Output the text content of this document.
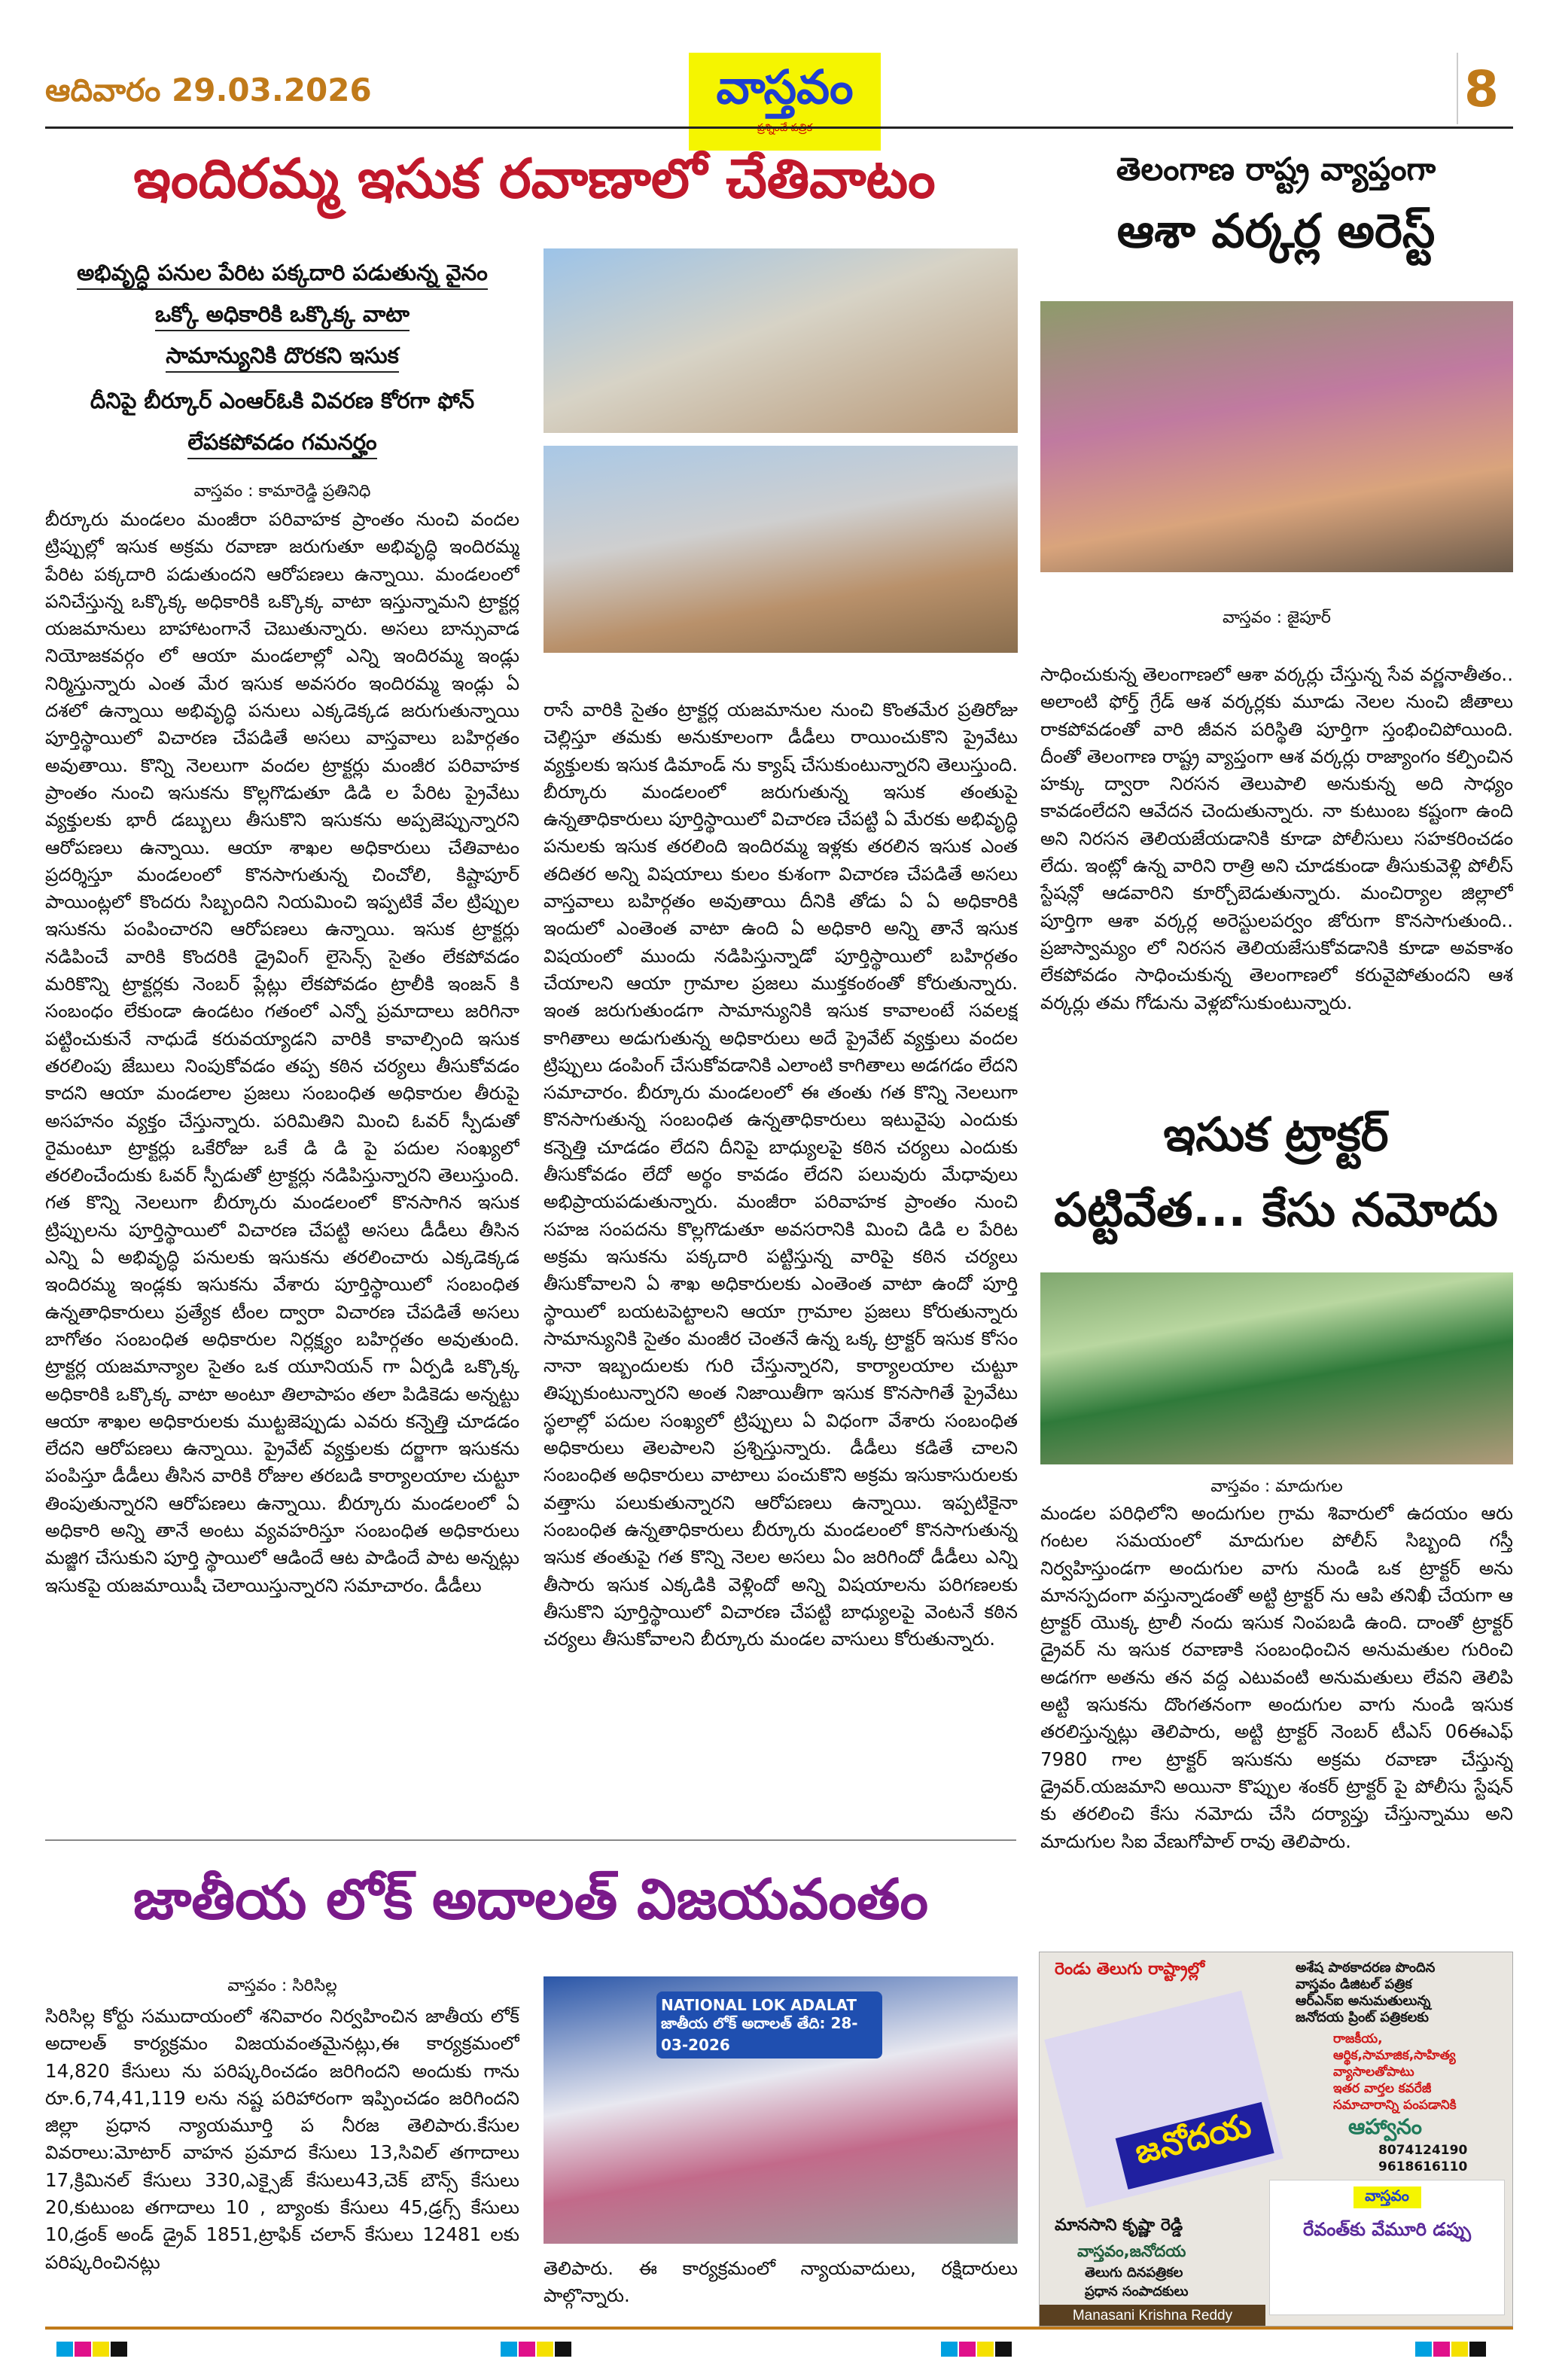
ఆదివారం 29.03.2026	వాస్తవం	8
ఇందిరమ్మ ఇసుక రవాణాలో చేతివాటం
అభివృద్ధి పనుల పేరిట పక్కదారి పడుతున్న వైనం
ఒక్కో అధికారికి ఒక్కొక్క వాటా
సామాన్యునికి దొరకని ఇసుక
దీనిపై బీర్కూర్ ఎంఆర్ఓకి వివరణ కోరగా ఫోన్
లేపకపోవడం గమనర్హం
వాస్తవం : కామారెడ్డి ప్రతినిధి
బీర్కూరు మండలం మంజీరా పరివాహక ప్రాంతం నుంచి వందల ట్రిప్పుల్లో ఇసుక అక్రమ రవాణా జరుగుతూ అభివృద్ధి ఇందిరమ్మ పేరిట పక్కదారి పడుతుందని ఆరోపణలు ఉన్నాయి. మండలంలో పనిచేస్తున్న ఒక్కొక్క అధికారికి ఒక్కొక్క వాటా ఇస్తున్నామని ట్రాక్టర్ల యజమానులు బాహాటంగానే చెబుతున్నారు. అసలు బాన్సువాడ నియోజకవర్గం లో ఆయా మండలాల్లో ఎన్ని ఇందిరమ్మ ఇండ్లు నిర్మిస్తున్నారు ఎంత మేర ఇసుక అవసరం ఇందిరమ్మ ఇండ్లు ఏ దశలో ఉన్నాయి అభివృద్ధి పనులు ఎక్కడెక్కడ జరుగుతున్నాయి పూర్తిస్థాయిలో విచారణ చేపడితే అసలు వాస్తవాలు బహిర్గతం అవుతాయి. కొన్ని నెలలుగా వందల ట్రాక్టర్లు మంజీర పరివాహక ప్రాంతం నుంచి ఇసుకను కొల్లగొడుతూ డిడి ల పేరిట ప్రైవేటు వ్యక్తులకు భారీ డబ్బులు తీసుకొని ఇసుకను అప్పజెప్పున్నారని ఆరోపణలు ఉన్నాయి. ఆయా శాఖల అధికారులు చేతివాటం ప్రదర్శిస్తూ మండలంలో కొనసాగుతున్న చించోలి, కిష్టాపూర్ పాయింట్లలో కొందరు సిబ్బందిని నియమించి ఇప్పటికే వేల ట్రిప్పుల ఇసుకను పంపించారని ఆరోపణలు ఉన్నాయి. ఇసుక ట్రాక్టర్లు నడిపించే వారికి కొందరికి డ్రైవింగ్ లైసెన్స్ సైతం లేకపోవడం మరికొన్ని ట్రాక్టర్లకు నెంబర్ ప్లేట్లు లేకపోవడం ట్రాలీకి ఇంజన్ కి సంబంధం లేకుండా ఉండటం గతంలో ఎన్నో ప్రమాదాలు జరిగినా పట్టించుకునే నాధుడే కరువయ్యాడని వారికి కావాల్సింది ఇసుక తరలింపు జేబులు నింపుకోవడం తప్ప కఠిన చర్యలు తీసుకోవడం కాదని ఆయా మండలాల ప్రజలు సంబంధిత అధికారుల తీరుపై అసహనం వ్యక్తం చేస్తున్నారు. పరిమితిని మించి ఓవర్ స్పీడుతో రైమంటూ ట్రాక్టర్లు ఒకేరోజు ఒకే డి డి పై పదుల సంఖ్యలో తరలించేందుకు ఓవర్ స్పీడుతో ట్రాక్టర్లు నడిపిస్తున్నారని తెలుస్తుంది. గత కొన్ని నెలలుగా బీర్కూరు మండలంలో కొనసాగిన ఇసుక ట్రిప్పులను పూర్తిస్థాయిలో విచారణ చేపట్టి అసలు డీడీలు తీసిన ఎన్ని ఏ అభివృద్ధి పనులకు ఇసుకను తరలించారు ఎక్కడెక్కడ ఇందిరమ్మ ఇండ్లకు ఇసుకను వేశారు పూర్తిస్థాయిలో సంబంధిత ఉన్నతాధికారులు ప్రత్యేక టీంల ద్వారా విచారణ చేపడితే అసలు బాగోతం సంబంధిత అధికారుల నిర్లక్ష్యం బహిర్గతం అవుతుంది. ట్రాక్టర్ల యజమాన్యాల సైతం ఒక యూనియన్ గా ఏర్పడి ఒక్కొక్క అధికారికి ఒక్కొక్క వాటా అంటూ తిలాపాపం తలా పిడికెడు అన్నట్టు ఆయా శాఖల అధికారులకు ముట్టజెప్పుడు ఎవరు కన్నెత్తి చూడడం లేదని ఆరోపణలు ఉన్నాయి. ప్రైవేట్ వ్యక్తులకు దర్జాగా ఇసుకను పంపిస్తూ డీడీలు తీసిన వారికి రోజుల తరబడి కార్యాలయాల చుట్టూ తింపుతున్నారని ఆరోపణలు ఉన్నాయి. బీర్కూరు మండలంలో ఏ అధికారి అన్ని తానే అంటు వ్యవహరిస్తూ సంబంధిత అధికారులు మజ్జిగ చేసుకుని పూర్తి స్థాయిలో ఆడిందే ఆట పాడిందే పాట అన్నట్లు ఇసుకపై యజమాయిషీ చెలాయిస్తున్నారని సమాచారం. డీడీలు
రాసే వారికి సైతం ట్రాక్టర్ల యజమానుల నుంచి కొంతమేర ప్రతిరోజు చెల్లిస్తూ తమకు అనుకూలంగా డీడీలు రాయించుకొని ప్రైవేటు వ్యక్తులకు ఇసుక డిమాండ్ ను క్యాష్ చేసుకుంటున్నారని తెలుస్తుంది. బీర్కూరు మండలంలో జరుగుతున్న ఇసుక తంతుపై ఉన్నతాధికారులు పూర్తిస్థాయిలో విచారణ చేపట్టి ఏ మేరకు అభివృద్ధి పనులకు ఇసుక తరలింది ఇందిరమ్మ ఇళ్లకు తరలిన ఇసుక ఎంత తదితర అన్ని విషయాలు కులం కుశంగా విచారణ చేపడితే అసలు వాస్తవాలు బహిర్గతం అవుతాయి దీనికి తోడు ఏ ఏ అధికారికి ఇందులో ఎంతెంత వాటా ఉంది ఏ అధికారి అన్ని తానే ఇసుక విషయంలో ముందు నడిపిస్తున్నాడో పూర్తిస్థాయిలో బహిర్గతం చేయాలని ఆయా గ్రామాల ప్రజలు ముక్తకంఠంతో కోరుతున్నారు. ఇంత జరుగుతుండగా సామాన్యునికి ఇసుక కావాలంటే సవలక్ష కాగితాలు అడుగుతున్న అధికారులు అదే ప్రైవేట్ వ్యక్తులు వందల ట్రిప్పులు డంపింగ్ చేసుకోవడానికి ఎలాంటి కాగితాలు అడగడం లేదని సమాచారం. బీర్కూరు మండలంలో ఈ తంతు గత కొన్ని నెలలుగా కొనసాగుతున్న సంబంధిత ఉన్నతాధికారులు ఇటువైపు ఎందుకు కన్నెత్తి చూడడం లేదని దీనిపై బాధ్యులపై కఠిన చర్యలు ఎందుకు తీసుకోవడం లేదో అర్థం కావడం లేదని పలువురు మేధావులు అభిప్రాయపడుతున్నారు. మంజీరా పరివాహక ప్రాంతం నుంచి సహజ సంపదను కొల్లగొడుతూ అవసరానికి మించి డిడి ల పేరిట అక్రమ ఇసుకను పక్కదారి పట్టిస్తున్న వారిపై కఠిన చర్యలు తీసుకోవాలని ఏ శాఖ అధికారులకు ఎంతెంత వాటా ఉందో పూర్తి స్థాయిలో బయటపెట్టాలని ఆయా గ్రామాల ప్రజలు కోరుతున్నారు సామాన్యునికి సైతం మంజీర చెంతనే ఉన్న ఒక్క ట్రాక్టర్ ఇసుక కోసం నానా ఇబ్బందులకు గురి చేస్తున్నారని, కార్యాలయాల చుట్టూ తిప్పుకుంటున్నారని అంత నిజాయితీగా ఇసుక కొనసాగితే ప్రైవేటు స్థలాల్లో పదుల సంఖ్యలో ట్రిప్పులు ఏ విధంగా వేశారు సంబంధిత అధికారులు తెలపాలని ప్రశ్నిస్తున్నారు. డీడీలు కడితే చాలని సంబంధిత అధికారులు వాటాలు పంచుకొని అక్రమ ఇసుకాసురులకు వత్తాసు పలుకుతున్నారని ఆరోపణలు ఉన్నాయి. ఇప్పటికైనా సంబంధిత ఉన్నతాధికారులు బీర్కూరు మండలంలో కొనసాగుతున్న ఇసుక తంతుపై గత కొన్ని నెలల అసలు ఏం జరిగిందో డీడీలు ఎన్ని తీసారు ఇసుక ఎక్కడికి వెళ్లిందో అన్ని విషయాలను పరిగణలకు తీసుకొని పూర్తిస్థాయిలో విచారణ చేపట్టి బాధ్యులపై వెంటనే కఠిన చర్యలు తీసుకోవాలని బీర్కూరు మండల వాసులు కోరుతున్నారు.
తెలంగాణ రాష్ట్ర వ్యాప్తంగా
ఆశా వర్కర్ల అరెస్ట్
వాస్తవం : జైపూర్
సాధించుకున్న తెలంగాణలో ఆశా వర్కర్లు చేస్తున్న సేవ వర్ణనాతీతం.. అలాంటి ఫోర్త్ గ్రేడ్ ఆశ వర్కర్లకు మూడు నెలల నుంచి జీతాలు రాకపోవడంతో వారి జీవన పరిస్థితి పూర్తిగా స్తంభించిపోయింది. దీంతో తెలంగాణ రాష్ట్ర వ్యాప్తంగా ఆశ వర్కర్లు రాజ్యాంగం కల్పించిన హక్కు ద్వారా నిరసన తెలుపాలి అనుకున్న అది సాధ్యం కావడంలేదని ఆవేదన చెందుతున్నారు. నా కుటుంబ కష్టంగా ఉంది అని నిరసన తెలియజేయడానికి కూడా పోలీసులు సహకరించడం లేదు. ఇంట్లో ఉన్న వారిని రాత్రి అని చూడకుండా తీసుకువెళ్లి పోలీస్ స్టేషన్లో ఆడవారిని కూర్చోబెడుతున్నారు. మంచిర్యాల జిల్లాలో పూర్తిగా ఆశా వర్కర్ల అరెస్టులపర్వం జోరుగా కొనసాగుతుంది.. ప్రజాస్వామ్యం లో నిరసన తెలియజేసుకోవడానికి కూడా అవకాశం లేకపోవడం సాధించుకున్న తెలంగాణలో కరువైపోతుందని ఆశ వర్కర్లు తమ గోడును వెళ్లబోసుకుంటున్నారు.
ఇసుక ట్రాక్టర్
పట్టివేత... కేసు నమోదు
వాస్తవం : మాదుగుల
మండల పరిధిలోని అందుగుల గ్రామ శివారులో ఉదయం ఆరు గంటల సమయంలో మాదుగుల పోలీస్ సిబ్బంది గస్తీ నిర్వహిస్తుండగా అందుగుల వాగు నుండి ఒక ట్రాక్టర్ అను మానస్పదంగా వస్తున్నాడంతో అట్టి ట్రాక్టర్ ను ఆపి తనిఖీ చేయగా ఆ ట్రాక్టర్ యొక్క ట్రాలీ నందు ఇసుక నింపబడి ఉంది. దాంతో ట్రాక్టర్ డ్రైవర్ ను ఇసుక రవాణాకి సంబంధించిన అనుమతుల గురించి అడగగా అతను తన వద్ద ఎటువంటి అనుమతులు లేవని తెలిపి అట్టి ఇసుకను దొంగతనంగా అందుగుల వాగు నుండి ఇసుక తరలిస్తున్నట్లు తెలిపారు, అట్టి ట్రాక్టర్ నెంబర్ టీఎస్ 06ఈఎఫ్ 7980 గాల ట్రాక్టర్ ఇసుకను అక్రమ రవాణా చేస్తున్న డ్రైవర్.యజమాని అయినా కొప్పుల శంకర్ ట్రాక్టర్ పై పోలీసు స్టేషన్ కు తరలించి కేసు నమోదు చేసి దర్యాప్తు చేస్తున్నాము అని మాదుగుల సిఐ వేణుగోపాల్ రావు తెలిపారు.
జాతీయ లోక్ అదాలత్ విజయవంతం
వాస్తవం : సిరిసిల్ల
సిరిసిల్ల కోర్టు సముదాయంలో శనివారం నిర్వహించిన జాతీయ లోక్ అదాలత్ కార్యక్రమం విజయవంతమైనట్లు,ఈ కార్యక్రమంలో 14,820 కేసులు ను పరిష్కరించడం జరిగిందని అందుకు గాను రూ.6,74,41,119 లను నష్ట పరిహారంగా ఇప్పించడం జరిగిందని జిల్లా ప్రధాన న్యాయమూర్తి ప నీరజ తెలిపారు.కేసుల వివరాలు:మోటార్ వాహన ప్రమాద కేసులు 13,సివిల్ తగాదాలు 17,క్రిమినల్ కేసులు 330,ఎక్సైజ్ కేసులు43,చెక్ బౌన్స్ కేసులు 20,కుటుంబ తగాదాలు 10 , బ్యాంకు కేసులు 45,డ్రగ్స్ కేసులు 10,డ్రంక్ అండ్ డ్రైవ్ 1851,ట్రాఫిక్ చలాన్ కేసులు 12481 లకు పరిష్కరించినట్లు
NATIONAL LOK ADALAT జాతీయ లోక్ అదాలత్ తేది: 28-03-2026
తెలిపారు. ఈ కార్యక్రమంలో న్యాయవాదులు, రక్షిదారులు పాల్గొన్నారు.
జనోదయ
రెండు తెలుగు రాష్ట్రాల్లో	అశేష పాఠకాదరణ పొందిన
వాస్తవం డిజిటల్ పత్రిక
ఆర్ఎన్ఐ అనుమతులున్న
జనోదయ ప్రింట్ పత్రికలకు
రాజకీయ,
ఆర్థిక,సామాజిక,సాహిత్య
వ్యాసాలతోపాటు
ఇతర వార్తల కవరేజీ
సమాచారాన్ని పంపడానికి
ఆహ్వానం
8074124190
9618616110
మానసాని కృష్ణా రెడ్డి
వాస్తవం,జనోదయ
తెలుగు దినపత్రికల
ప్రధాన సంపాదకులు
Manasani Krishna Reddy
వాస్తవం
రేవంత్‌కు వేమూరి డప్పు
